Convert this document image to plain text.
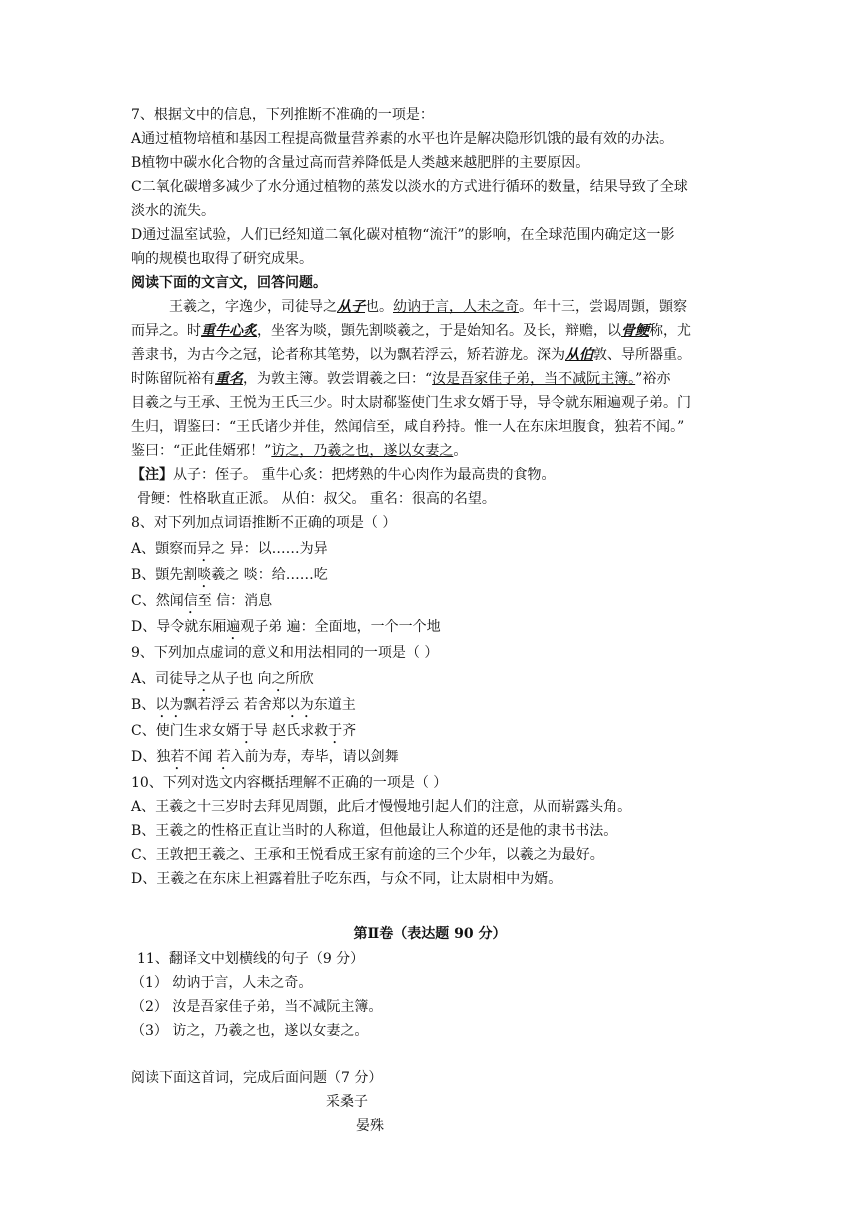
7、根据文中的信息，下列推断不准确的一项是：
A通过植物培植和基因工程提高微量营养素的水平也许是解决隐形饥饿的最有效的办法。
B植物中碳水化合物的含量过高而营养降低是人类越来越肥胖的主要原因。
C二氧化碳增多减少了水分通过植物的蒸发以淡水的方式进行循环的数量，结果导致了全球
淡水的流失。
D通过温室试验，人们已经知道二氧化碳对植物“流汗”的影响，在全球范围内确定这一影
响的规模也取得了研究成果。
阅读下面的文言文，回答问题。
王羲之，字逸少，司徒导之从子也。幼讷于言，人未之奇。年十三，尝谒周顗，顗察
而异之。时重牛心炙，坐客为啖，顗先割啖羲之，于是始知名。及长，辩赡，以骨鲠称，尤
善隶书，为古今之冠，论者称其笔势，以为飘若浮云，矫若游龙。深为从伯敦、导所器重。
时陈留阮裕有重名，为敦主簿。敦尝谓羲之曰：“汝是吾家佳子弟，当不减阮主簿。”裕亦
目羲之与王承、王悦为王氏三少。时太尉郗鉴使门生求女婿于导，导令就东厢遍观子弟。门
生归，谓鉴曰：“王氏诸少并佳，然闻信至，咸自矜持。惟一人在东床坦腹食，独若不闻。”
鉴曰：“正此佳婿邪！”访之，乃羲之也，遂以女妻之。
【注】从子：侄子。 重牛心炙：把烤熟的牛心肉作为最高贵的食物。
骨鲠：性格耿直正派。 从伯：叔父。 重名：很高的名望。
8、对下列加点词语推断不正确的项是（ ）
A、顗察而异之 异：以……为异
B、顗先割啖羲之 啖：给……吃
C、然闻信至 信：消息
D、导令就东厢遍观子弟 遍：全面地，一个一个地
9、下列加点虚词的意义和用法相同的一项是（ ）
A、司徒导之从子也 向之所欣
B、以为飘若浮云 若舍郑以为东道主
C、使门生求女婿于导 赵氏求救于齐
D、独若不闻 若入前为寿，寿毕，请以剑舞
10、下列对选文内容概括理解不正确的一项是（ ）
A、王羲之十三岁时去拜见周顗，此后才慢慢地引起人们的注意，从而崭露头角。
B、王羲之的性格正直让当时的人称道，但他最让人称道的还是他的隶书书法。
C、王敦把王羲之、王承和王悦看成王家有前途的三个少年，以羲之为最好。
D、王羲之在东床上袒露着肚子吃东西，与众不同，让太尉相中为婿。
第Ⅱ卷（表达题 90 分）
11、翻译文中划横线的句子（9 分）
（1） 幼讷于言，人未之奇。
（2） 汝是吾家佳子弟，当不减阮主簿。
（3） 访之，乃羲之也，遂以女妻之。
阅读下面这首词，完成后面问题（7 分）
采桑子
晏殊
